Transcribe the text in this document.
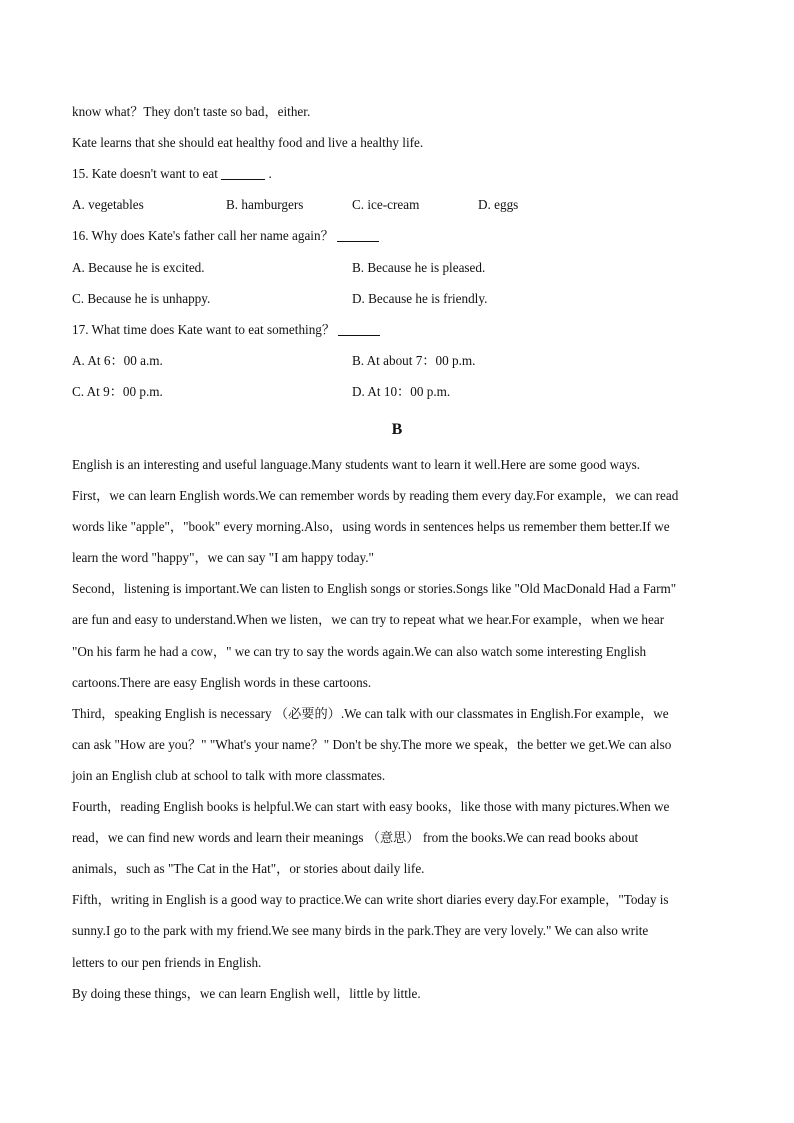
know what？They don't taste so bad，either.
Kate learns that she should eat healthy food and live a healthy life.
15. Kate doesn't want to eat	.
A. vegetables	B. hamburgers	C. ice-cream	D. eggs
16. Why does Kate's father call her name again？
A. Because he is excited.	B. Because he is pleased.
C. Because he is unhappy.	D. Because he is friendly.
17. What time does Kate want to eat something？
A. At 6：00 a.m.	B. At about 7：00 p.m.
C. At 9：00 p.m.	D. At 10：00 p.m.
B
English is an interesting and useful language.Many students want to learn it well.Here are some good ways.
First，we can learn English words.We can remember words by reading them every day.For example，we can read
words like "apple"，"book" every morning.Also，using words in sentences helps us remember them better.If we
learn the word "happy"，we can say "I am happy today."
Second，listening is important.We can listen to English songs or stories.Songs like "Old MacDonald Had a Farm"
are fun and easy to understand.When we listen，we can try to repeat what we hear.For example，when we hear
"On his farm he had a cow，" we can try to say the words again.We can also watch some interesting English
cartoons.There are easy English words in these cartoons.
Third，speaking English is necessary （必要的）.We can talk with our classmates in English.For example，we
can ask "How are you？" "What's your name？" Don't be shy.The more we speak，the better we get.We can also
join an English club at school to talk with more classmates.
Fourth，reading English books is helpful.We can start with easy books，like those with many pictures.When we
read，we can find new words and learn their meanings （意思） from the books.We can read books about
animals，such as "The Cat in the Hat"，or stories about daily life.
Fifth，writing in English is a good way to practice.We can write short diaries every day.For example，"Today is
sunny.I go to the park with my friend.We see many birds in the park.They are very lovely." We can also write
letters to our pen friends in English.
By doing these things，we can learn English well，little by little.
